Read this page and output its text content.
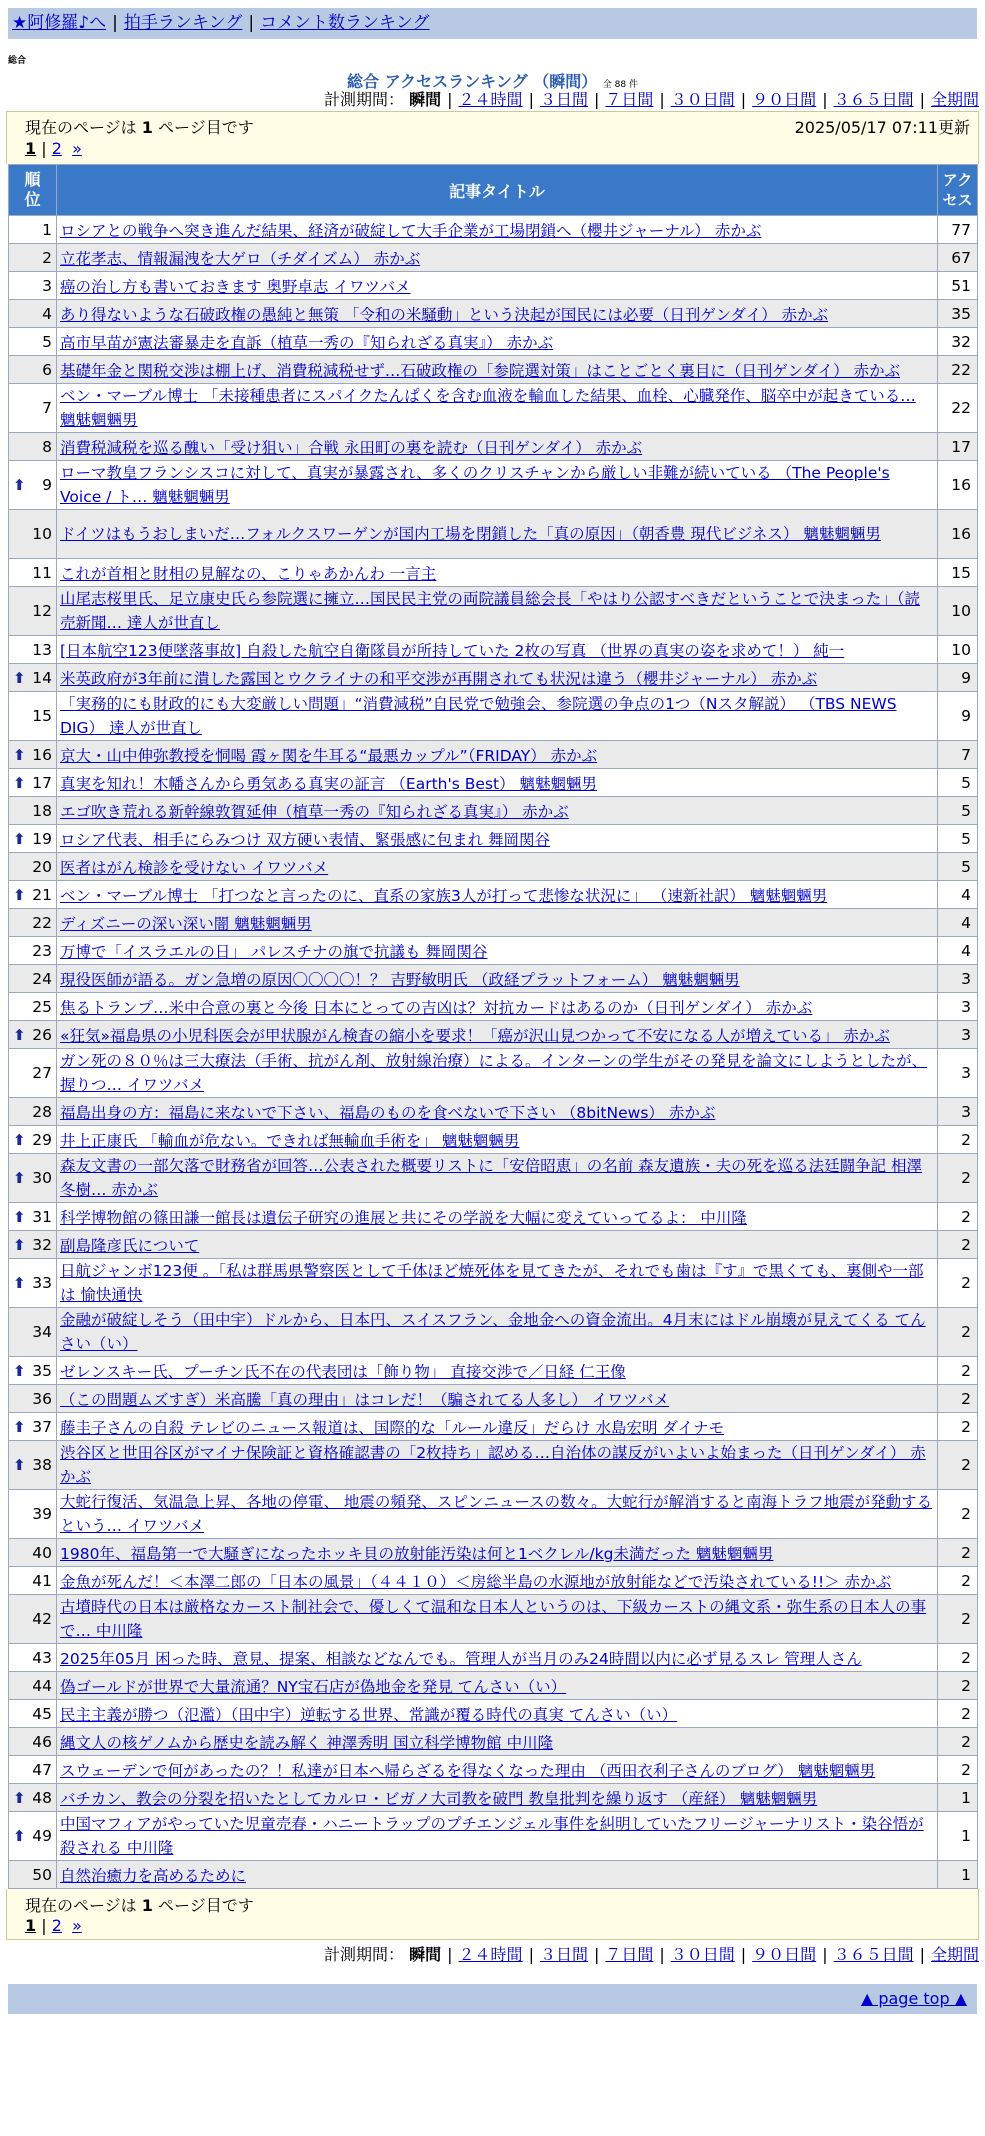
★阿修羅♪へ | 拍手ランキング | コメント数ランキング
総合
総合 アクセスランキング （瞬間） 全 88 件
計測期間： 瞬間 | ２４時間 | ３日間 | ７日間 | ３０日間 | ９０日間 | ３６５日間 | 全期間
現在のページは 1 ページ目です	2025/05/17 07:11更新
1 | 2 »
順
位	記事タイトル	アク
セス
1	ロシアとの戦争へ突き進んだ結果、経済が破綻して大手企業が工場閉鎖へ（櫻井ジャーナル） 赤かぶ	77
2	立花孝志、情報漏洩を大ゲロ（チダイズム） 赤かぶ	67
3	癌の治し方も書いておきます 奥野卓志 イワツバメ	51
4	あり得ないような石破政権の愚純と無策 「令和の米騒動」という決起が国民には必要（日刊ゲンダイ） 赤かぶ	35
5	高市早苗が憲法審暴走を直訴（植草一秀の『知られざる真実』） 赤かぶ	32
6	基礎年金と関税交渉は棚上げ、消費税減税せず…石破政権の「参院選対策」はことごとく裏目に（日刊ゲンダイ） 赤かぶ	22
7	ベン・マーブル博士 「未接種患者にスパイクたんぱくを含む血液を輸血した結果、血栓、心臓発作、脳卒中が起きている… 魑魅魍魎男	22
8	消費税減税を巡る醜い「受け狙い」合戦 永田町の裏を読む（日刊ゲンダイ） 赤かぶ	17

⬆ 9	ローマ教皇フランシスコに対して、真実が暴露され、多くのクリスチャンから厳しい非難が続いている （The People's Voice / ト… 魑魅魍魎男	16
10	ドイツはもうおしまいだ…フォルクスワーゲンが国内工場を閉鎖した「真の原因」（朝香豊 現代ビジネス） 魑魅魍魎男	16
11	これが首相と財相の見解なの、こりゃあかんわ 一言主	15
12	山尾志桜里氏、足立康史氏ら参院選に擁立…国民民主党の両院議員総会長「やはり公認すべきだということで決まった」（読売新聞… 達人が世直し	10
13	[日本航空123便墜落事故] 自殺した航空自衛隊員が所持していた 2枚の写真 （世界の真実の姿を求めて！） 純一	10

⬆ 14	米英政府が3年前に潰した露国とウクライナの和平交渉が再開されても状況は違う（櫻井ジャーナル） 赤かぶ	9
15	「実務的にも財政的にも大変厳しい問題」“消費減税”自民党で勉強会、参院選の争点の1つ（Nスタ解説） （TBS NEWS DIG） 達人が世直し	9

⬆ 16	京大・山中伸弥教授を恫喝 霞ヶ関を牛耳る“最悪カップル”（FRIDAY） 赤かぶ	7

⬆ 17	真実を知れ！木幡さんから勇気ある真実の証言 （Earth's Best） 魑魅魍魎男	5
18	エゴ吹き荒れる新幹線敦賀延伸（植草一秀の『知られざる真実』） 赤かぶ	5

⬆ 19	ロシア代表、相手にらみつけ 双方硬い表情、緊張感に包まれ 舞岡関谷	5
20	医者はがん検診を受けない イワツバメ	5

⬆ 21	ベン・マーブル博士 「打つなと言ったのに、直系の家族3人が打って悲惨な状況に」 （速新社訳） 魑魅魍魎男	4
22	ディズニーの深い深い闇 魑魅魍魎男	4
23	万博で「イスラエルの日」 パレスチナの旗で抗議も 舞岡関谷	4
24	現役医師が語る。ガン急増の原因〇〇〇〇！？ 吉野敏明氏 （政経プラットフォーム） 魑魅魍魎男	3
25	焦るトランプ…米中合意の裏と今後 日本にとっての吉凶は？対抗カードはあるのか（日刊ゲンダイ） 赤かぶ	3

⬆ 26	«狂気»福島県の小児科医会が甲状腺がん検査の縮小を要求！「癌が沢山見つかって不安になる人が増えている」 赤かぶ	3
27	ガン死の８０％は三大療法（手術、抗がん剤、放射線治療）による。インターンの学生がその発見を論文にしようとしたが、握りつ… イワツバメ	3
28	福島出身の方：福島に来ないで下さい、福島のものを食べないで下さい （8bitNews） 赤かぶ	3

⬆ 29	井上正康氏 「輸血が危ない。できれば無輸血手術を」 魑魅魍魎男	2

⬆ 30	森友文書の一部欠落で財務省が回答…公表された概要リストに「安倍昭恵」の名前 森友遺族・夫の死を巡る法廷闘争記 相澤冬樹… 赤かぶ	2

⬆ 31	科学博物館の篠田謙一館長は遺伝子研究の進展と共にその学説を大幅に変えていってるよ： 中川隆	2

⬆ 32	副島隆彦氏について	2

⬆ 33	日航ジャンボ123便 。「私は群馬県警察医として千体ほど焼死体を見てきたが、それでも歯は『す』で黒くても、裏側や一部は 愉快通快	2
34	金融が破綻しそう（田中宇）ドルから、日本円、スイスフラン、金地金への資金流出。4月末にはドル崩壊が見えてくる てんさい（い）	2

⬆ 35	ゼレンスキー氏、プーチン氏不在の代表団は「飾り物」 直接交渉で／日経 仁王像	2
36	（この問題ムズすぎ）米高騰「真の理由」はコレだ！（騙されてる人多し） イワツバメ	2

⬆ 37	藤圭子さんの自殺 テレビのニュース報道は、国際的な「ルール違反」だらけ 水島宏明 ダイナモ	2

⬆ 38	渋谷区と世田谷区がマイナ保険証と資格確認書の「2枚持ち」認める…自治体の謀反がいよいよ始まった（日刊ゲンダイ） 赤かぶ	2
39	大蛇行復活、気温急上昇、各地の停電、 地震の頻発、スピンニュースの数々。大蛇行が解消すると南海トラフ地震が発動するという… イワツバメ	2
40	1980年、福島第一で大騒ぎになったホッキ貝の放射能汚染は何と1ベクレル/kg未満だった 魑魅魍魎男	2
41	金魚が死んだ！＜本澤二郎の「日本の風景」（４４１０）＜房総半島の水源地が放射能などで汚染されている!!＞ 赤かぶ	2
42	古墳時代の日本は厳格なカースト制社会で、優しくて温和な日本人というのは、下級カーストの縄文系・弥生系の日本人の事で… 中川隆	2
43	2025年05月 困った時、意見、提案、相談などなんでも。管理人が当月のみ24時間以内に必ず見るスレ 管理人さん	2
44	偽ゴールドが世界で大量流通？NY宝石店が偽地金を発見 てんさい（い）	2
45	民主主義が勝つ（氾濫）（田中宇）逆転する世界、常識が覆る時代の真実 てんさい（い）	2
46	縄文人の核ゲノムから歴史を読み解く 神澤秀明 国立科学博物館 中川隆	2
47	スウェーデンで何があったの？！私達が日本へ帰らざるを得なくなった理由 （西田衣利子さんのブログ） 魑魅魍魎男	2

⬆ 48	バチカン、教会の分裂を招いたとしてカルロ・ビガノ大司教を破門 教皇批判を繰り返す （産経） 魑魅魍魎男	1

⬆ 49	中国マフィアがやっていた児童売春・ハニートラップのプチエンジェル事件を糾明していたフリージャーナリスト・染谷悟が殺される 中川隆	1
50	自然治癒力を高めるために	1
現在のページは 1 ページ目です
1 | 2 »
計測期間： 瞬間 | ２４時間 | ３日間 | ７日間 | ３０日間 | ９０日間 | ３６５日間 | 全期間
▲ page top ▲
